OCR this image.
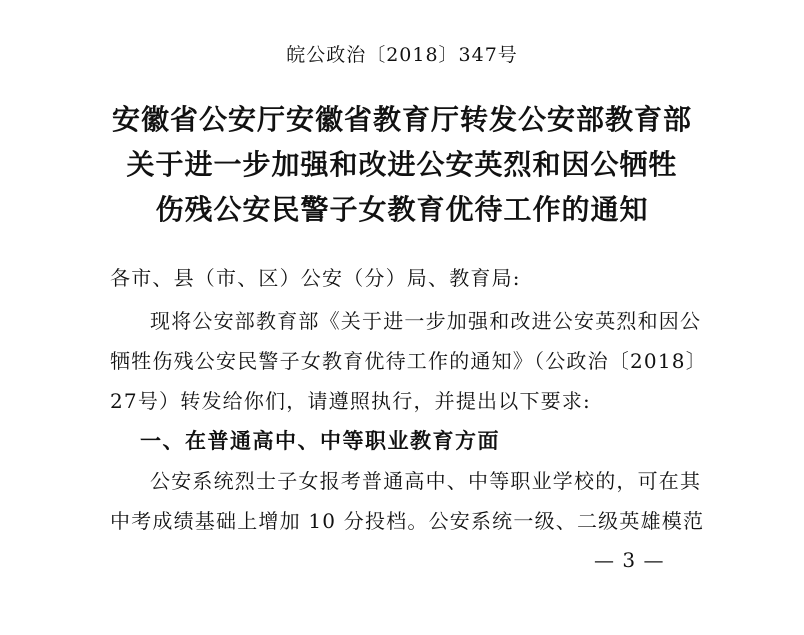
皖公政治〔2018〕347号
安徽省公安厅安徽省教育厅转发公安部教育部
关于进一步加强和改进公安英烈和因公牺牲
伤残公安民警子女教育优待工作的通知
各市、县（市、区）公安（分）局、教育局:
现将公安部教育部《关于进一步加强和改进公安英烈和因公
牺牲伤残公安民警子女教育优待工作的通知》（公政治〔2018〕
27号）转发给你们，请遵照执行，并提出以下要求:
一、在普通高中、中等职业教育方面
公安系统烈士子女报考普通高中、中等职业学校的，可在其
中考成绩基础上增加 10 分投档。公安系统一级、二级英雄模范
— 3 —
